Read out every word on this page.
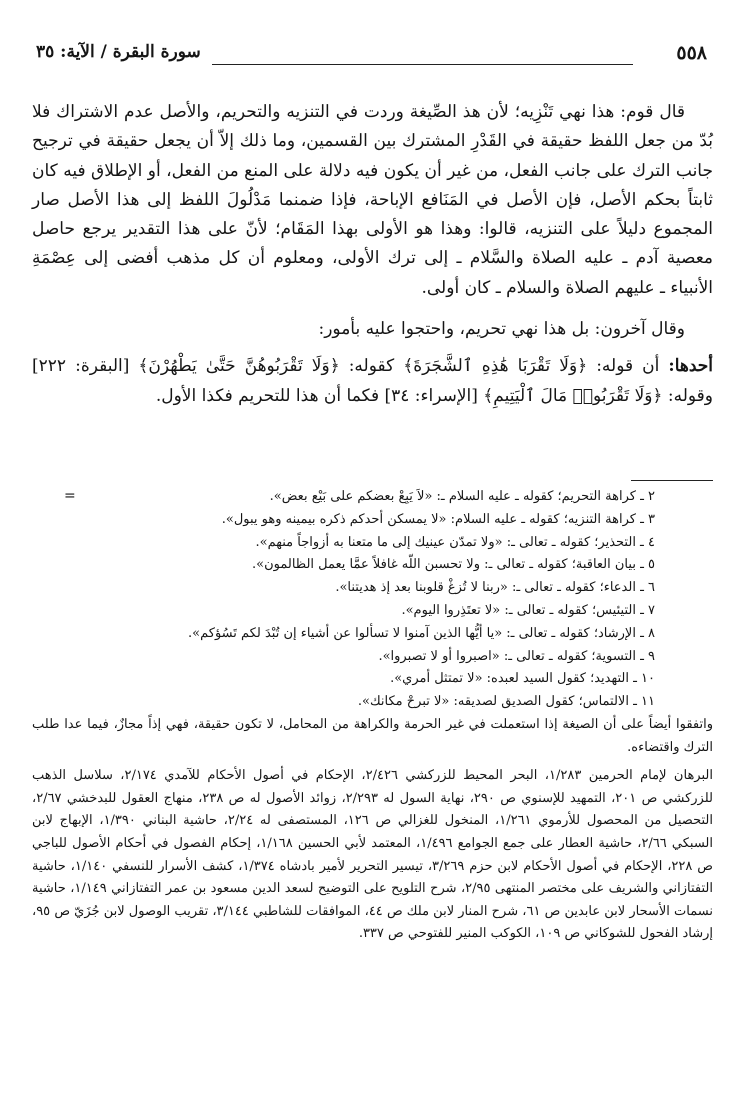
٥٥٨
سورة البقرة / الآية: ٣٥

قال قوم: هذا نهي تَنْزِيه؛ لأن هذ الصِّيغة وردت في التنزيه والتحريم، والأصل عدم الاشتراك فلا بُدّ من جعل اللفظ حقيقة في القَدْرِ المشترك بين القسمين، وما ذلك إلاّ أن يجعل حقيقة في ترجيح جانب الترك على جانب الفعل، من غير أن يكون فيه دلالة على المنع من الفعل، أو الإطلاق فيه كان ثابتاً بحكم الأصل، فإن الأصل في المَنَافع الإباحة، فإذا ضمنما مَدْلُولَ اللفظ إلى هذا الأصل صار المجموع دليلاً على التنزيه، قالوا: وهذا هو الأولى بهذا المَقَام؛ لأنّ على هذا التقدير يرجع حاصل معصية آدم ـ عليه الصلاة والسَّلام ـ إلى ترك الأولى، ومعلوم أن كل مذهب أفضى إلى عِصْمَةِ الأنبياء ـ عليهم الصلاة والسلام ـ كان أولى.

وقال آخرون: بل هذا نهي تحريم، واحتجوا عليه بأمور:

أحدها: أن قوله: ﴿وَلَا تَقْرَبَا هَٰذِهِ ٱلشَّجَرَةَ﴾ كقوله: ﴿وَلَا تَقْرَبُوهُنَّ حَتَّىٰ يَطْهُرْنَ﴾ [البقرة: ٢٢٢] وقوله: ﴿وَلَا تَقْرَبُوا۟ مَالَ ٱلْيَتِيمِ﴾ [الإسراء: ٣٤] فكما أن هذا للتحريم فكذا الأول.

=	٢ ـ كراهة التحريم؛ كقوله ـ عليه السلام ـ: «لاَ يَبِعْ بعضكم على بَيْع بعض».

٣ ـ كراهة التنزيه؛ كقوله ـ عليه السلام: «لا يمسكن أحدكم ذكره بيمينه وهو يبول».

٤ ـ التحذير؛ كقوله ـ تعالى ـ: «ولا تمدّن عينيك إلى ما متعنا به أزواجاً منهم».

٥ ـ بيان العاقبة؛ كقوله ـ تعالى ـ: ولا تحسبن اللّه غافلاً عمَّا يعمل الظالمون».

٦ ـ الدعاء؛ كقوله ـ تعالى ـ: «ربنا لا تُزغْ قلوبنا بعد إذ هديتنا».

٧ ـ التيئيس؛ كقوله ـ تعالى ـ: «لا تعتَذِروا اليوم».

٨ ـ الإرشاد؛ كقوله ـ تعالى ـ: «يا أيُّها الذين آمنوا لا تسألوا عن أشياء إن تُبْدَ لكم تَسُؤكم».

٩ ـ التسوية؛ كقوله ـ تعالى ـ: «اصبروا أو لا تصبروا».

١٠ ـ التهديد؛ كقول السيد لعبده: «لا تمتثل أمري».

١١ ـ الالتماس؛ كقول الصديق لصديقه: «لا تبرحْ مكانك».

واتفقوا أيضاً على أن الصيغة إذا استعملت في غير الحرمة والكراهة من المحامل، لا تكون حقيقة، فهي إذاً مجازٌ، فيما عدا طلب الترك واقتضاءه.

البرهان لإمام الحرمين ١/٢٨٣، البحر المحيط للزركشي ٢/٤٢٦، الإحكام في أصول الأحكام للآمدي ٢/١٧٤، سلاسل الذهب للزركشي ص ٢٠١، التمهيد للإسنوي ص ٢٩٠، نهاية السول له ٢/٢٩٣، زوائد الأصول له ص ٢٣٨، منهاج العقول للبدخشي ٢/٦٧، التحصيل من المحصول للأرموي ١/٢٦١، المنخول للغزالي ص ١٢٦، المستصفى له ٢/٢٤، حاشية البناني ١/٣٩٠، الإبهاج لابن السبكي ٢/٦٦، حاشية العطار على جمع الجوامع ١/٤٩٦، المعتمد لأبي الحسين ١/١٦٨، إحكام الفصول في أحكام الأصول للباجي ص ٢٢٨، الإحكام في أصول الأحكام لابن حزم ٣/٢٦٩، تيسير التحرير لأمير بادشاه ١/٣٧٤، كشف الأسرار للنسفي ١/١٤٠، حاشية التفتازاني والشريف على مختصر المنتهى ٢/٩٥، شرح التلويح على التوضيح لسعد الدين مسعود بن عمر التفتازاني ١/١٤٩، حاشية نسمات الأسحار لابن عابدين ص ٦١، شرح المنار لابن ملك ص ٤٤، الموافقات للشاطبي ٣/١٤٤، تقريب الوصول لابن جُزَيّ ص ٩٥، إرشاد الفحول للشوكاني ص ١٠٩، الكوكب المنير للفتوحي ص ٣٣٧.
